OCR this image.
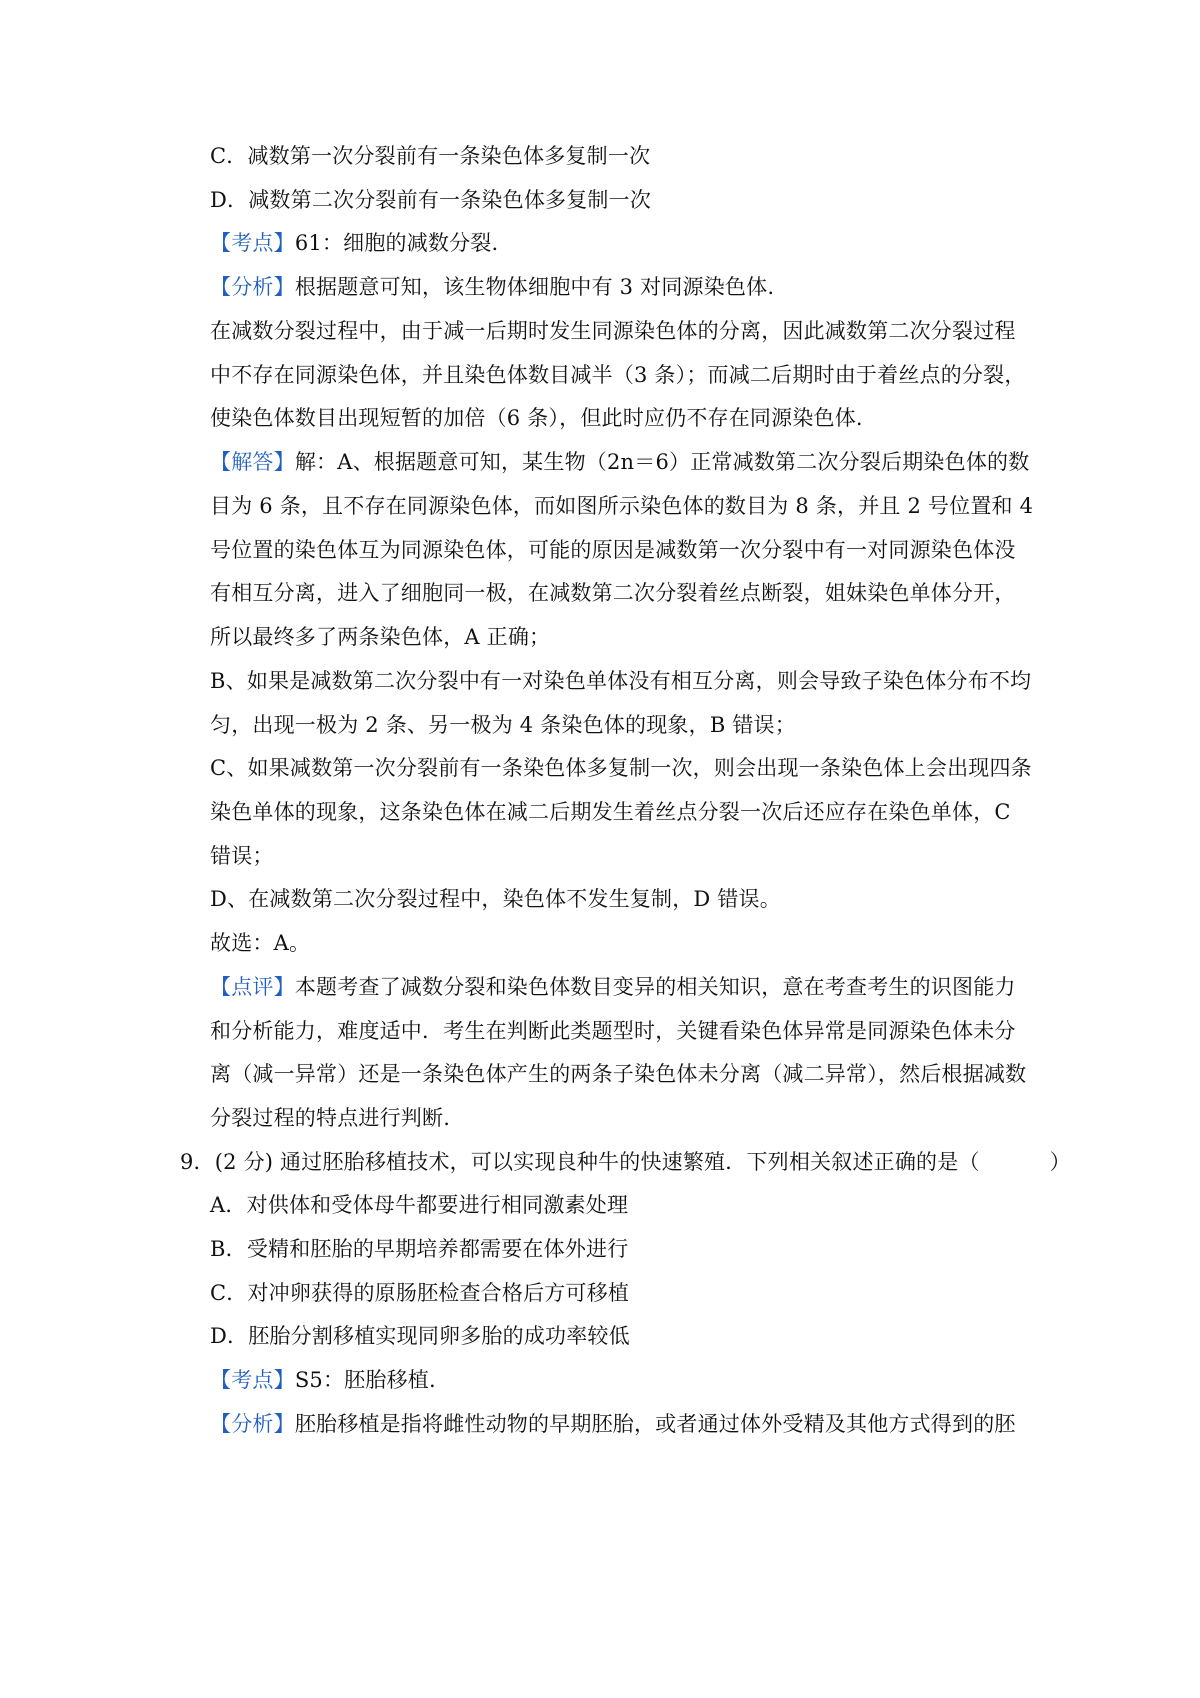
C．减数第一次分裂前有一条染色体多复制一次
D．减数第二次分裂前有一条染色体多复制一次
【考点】61：细胞的减数分裂.
【分析】根据题意可知，该生物体细胞中有 3 对同源染色体.
在减数分裂过程中，由于减一后期时发生同源染色体的分离，因此减数第二次分裂过程
中不存在同源染色体，并且染色体数目减半（3 条）；而减二后期时由于着丝点的分裂，
使染色体数目出现短暂的加倍（6 条），但此时应仍不存在同源染色体.
【解答】解：A、根据题意可知，某生物（2n＝6）正常减数第二次分裂后期染色体的数
目为 6 条，且不存在同源染色体，而如图所示染色体的数目为 8 条，并且 2 号位置和 4
号位置的染色体互为同源染色体，可能的原因是减数第一次分裂中有一对同源染色体没
有相互分离，进入了细胞同一极，在减数第二次分裂着丝点断裂，姐妹染色单体分开，
所以最终多了两条染色体，A 正确；
B、如果是减数第二次分裂中有一对染色单体没有相互分离，则会导致子染色体分布不均
匀，出现一极为 2 条、另一极为 4 条染色体的现象，B 错误；
C、如果减数第一次分裂前有一条染色体多复制一次，则会出现一条染色体上会出现四条
染色单体的现象，这条染色体在减二后期发生着丝点分裂一次后还应存在染色单体，C
错误；
D、在减数第二次分裂过程中，染色体不发生复制，D 错误。
故选：A。
【点评】本题考查了减数分裂和染色体数目变异的相关知识，意在考查考生的识图能力
和分析能力，难度适中．考生在判断此类题型时，关键看染色体异常是同源染色体未分
离（减一异常）还是一条染色体产生的两条子染色体未分离（减二异常），然后根据减数
分裂过程的特点进行判断.
9．(2 分) 通过胚胎移植技术，可以实现良种牛的快速繁殖．下列相关叙述正确的是（	）
A．对供体和受体母牛都要进行相同激素处理
B．受精和胚胎的早期培养都需要在体外进行
C．对冲卵获得的原肠胚检查合格后方可移植
D．胚胎分割移植实现同卵多胎的成功率较低
【考点】S5：胚胎移植.
【分析】胚胎移植是指将雌性动物的早期胚胎，或者通过体外受精及其他方式得到的胚
